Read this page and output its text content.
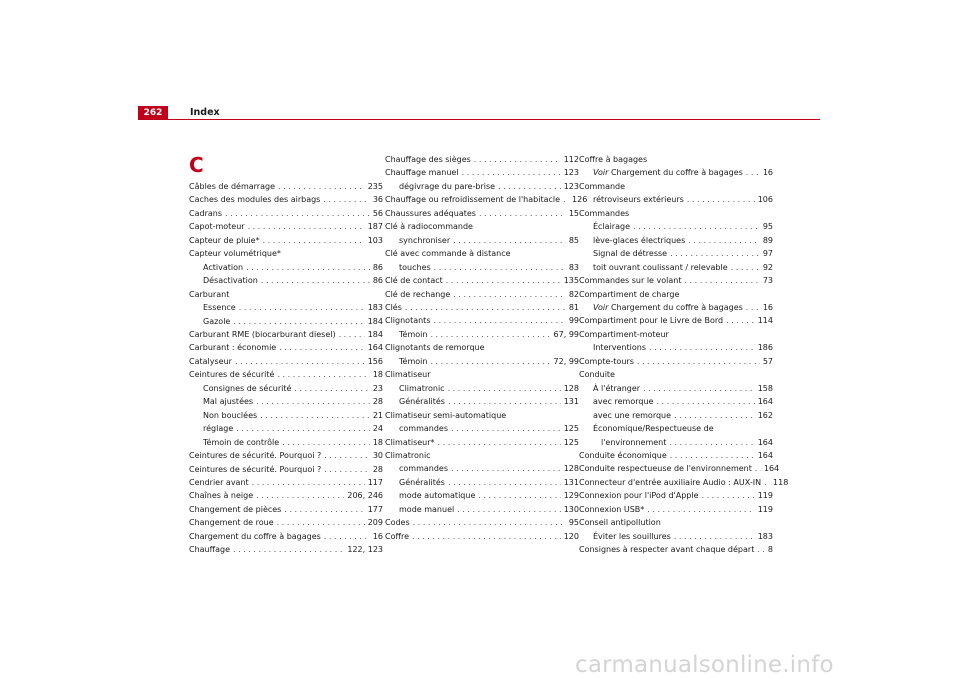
262	Index
C
Câbles de démarrage . . .	235
Caches des modules des airbags . . .	36
Cadrans . . .	56
Capot-moteur . . .	187
Capteur de pluie* . . .	103
Capteur volumétrique*
Activation . . .	86
Désactivation . . .	86
Carburant
Essence . . .	183
Gazole . . .	184
Carburant RME (biocarburant diesel) . . .	184
Carburant : économie . . .	164
Catalyseur . . .	156
Ceintures de sécurité . . .	18
Consignes de sécurité . . .	23
Mal ajustées . . .	28
Non bouclées . . .	21
réglage . . .	24
Témoin de contrôle . . .	18
Ceintures de sécurité. Pourquoi ? . . .	30
Ceintures de sécurité. Pourquoi ? . . .	28
Cendrier avant . . .	117
Chaînes à neige . . .	206, 246
Changement de pièces . . .	177
Changement de roue . . .	209
Chargement du coffre à bagages . . .	16
Chauffage . . .	122, 123
Chauffage des sièges . . .	112
Chauffage manuel . . .	123
dégivrage du pare-brise . . .	123
Chauffage ou refroidissement de l'habitacle . . . 126
Chaussures adéquates . . .	15
Clé à radiocommande
synchroniser . . .	85
Clé avec commande à distance
touches . . .	83
Clé de contact . . .	135
Clé de rechange . . .	82
Clés . . .	81
Clignotants . . .	99
Témoin . . .	67, 99
Clignotants de remorque
Témoin . . .	72, 99
Climatiseur
Climatronic . . .	128
Généralités . . .	131
Climatiseur semi-automatique
commandes . . .	125
Climatiseur* . . .	125
Climatronic
commandes . . .	128
Généralités . . .	131
mode automatique . . .	129
mode manuel . . .	130
Codes . . .	95
Coffre . . .	120
Coffre à bagages
Voir Chargement du coffre à bagages . . .	16
Commande
rétroviseurs extérieurs . . .	106
Commandes
Éclairage . . .	95
lève-glaces électriques . . .	89
Signal de détresse . . .	97
toit ouvrant coulissant / relevable . . .	92
Commandes sur le volant . . .	73
Compartiment de charge
Voir Chargement du coffre à bagages . . .	16
Compartiment pour le Livre de Bord . . .	114
Compartiment-moteur
Interventions . . .	186
Compte-tours . . .	57
Conduite
À l'étranger . . .	158
avec remorque . . .	164
avec une remorque . . .	162
Économique/Respectueuse de
l'environnement . . .	164
Conduite économique . . .	164
Conduite respectueuse de l'environnement . . . 164
Connecteur d'entrée auxiliaire Audio : AUX-IN . . . 118
Connexion pour l'iPod d'Apple . . .	119
Connexion USB* . . .	119
Conseil antipollution
Éviter les souillures . . .	183
Consignes à respecter avant chaque départ . . . 8
carmanualsonline.info
